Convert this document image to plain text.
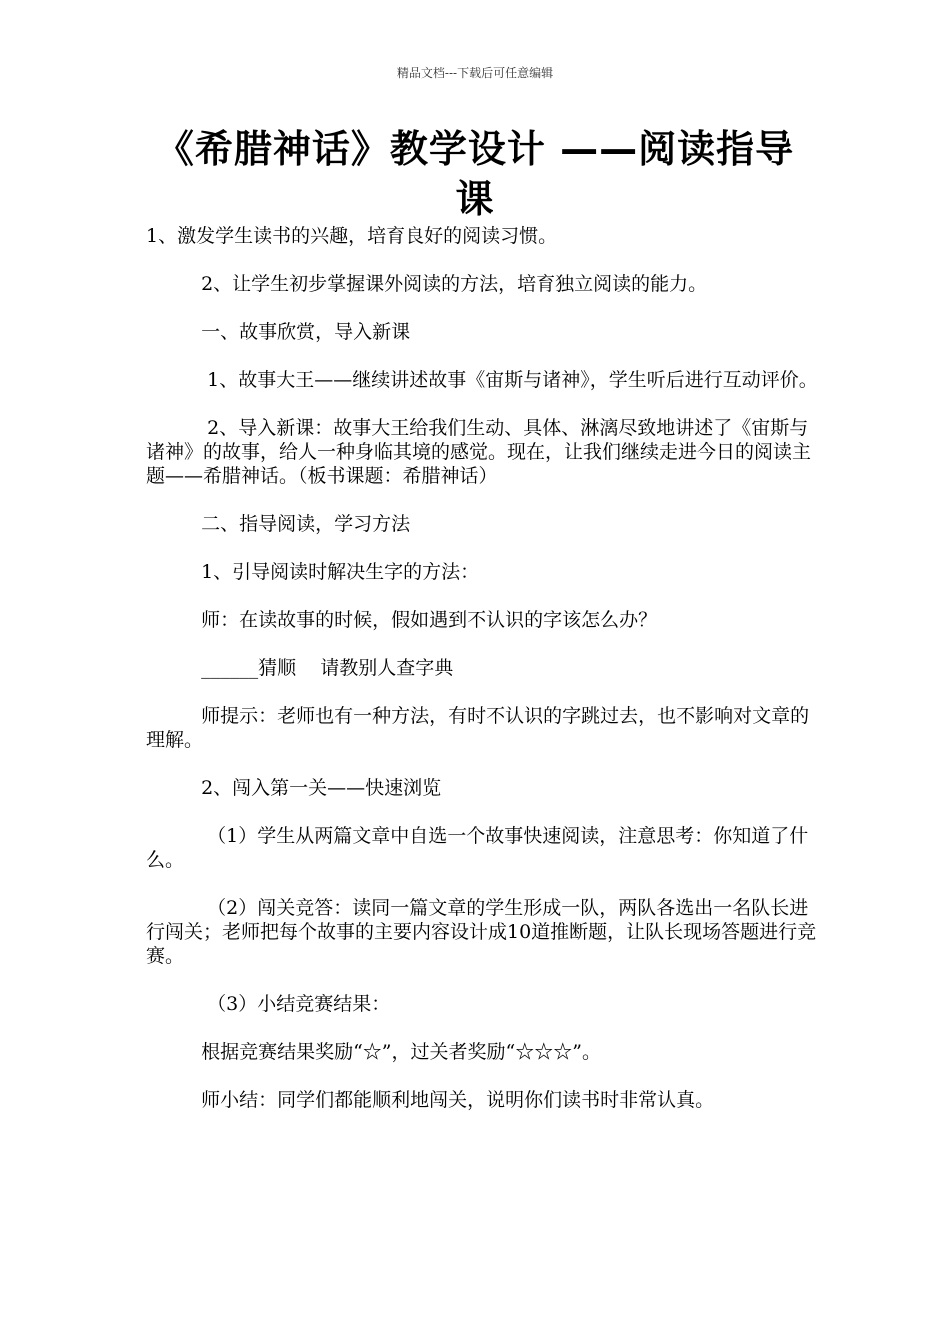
精品文档---下载后可任意编辑
《希腊神话》教学设计 ——阅读指导课

1、激发学生读书的兴趣，培育良好的阅读习惯。

2、让学生初步掌握课外阅读的方法，培育独立阅读的能力。

一、故事欣赏，导入新课

1、故事大王——继续讲述故事《宙斯与诸神》，学生听后进行互动评价。

2、导入新课：故事大王给我们生动、具体、淋漓尽致地讲述了《宙斯与诸神》的故事，给人一种身临其境的感觉。现在，让我们继续走进今日的阅读主题——希腊神话。（板书课题：希腊神话）

二、指导阅读，学习方法

1、引导阅读时解决生字的方法：

师：在读故事的时候，假如遇到不认识的字该怎么办？

______猜顺    请教别人查字典

师提示：老师也有一种方法，有时不认识的字跳过去，也不影响对文章的理解。

2、闯入第一关——快速浏览

（1）学生从两篇文章中自选一个故事快速阅读，注意思考：你知道了什么。

（2）闯关竞答：读同一篇文章的学生形成一队，两队各选出一名队长进行闯关；老师把每个故事的主要内容设计成10道推断题，让队长现场答题进行竞赛。

（3）小结竞赛结果：

根据竞赛结果奖励“☆”，过关者奖励“☆☆☆”。

师小结：同学们都能顺利地闯关，说明你们读书时非常认真。
